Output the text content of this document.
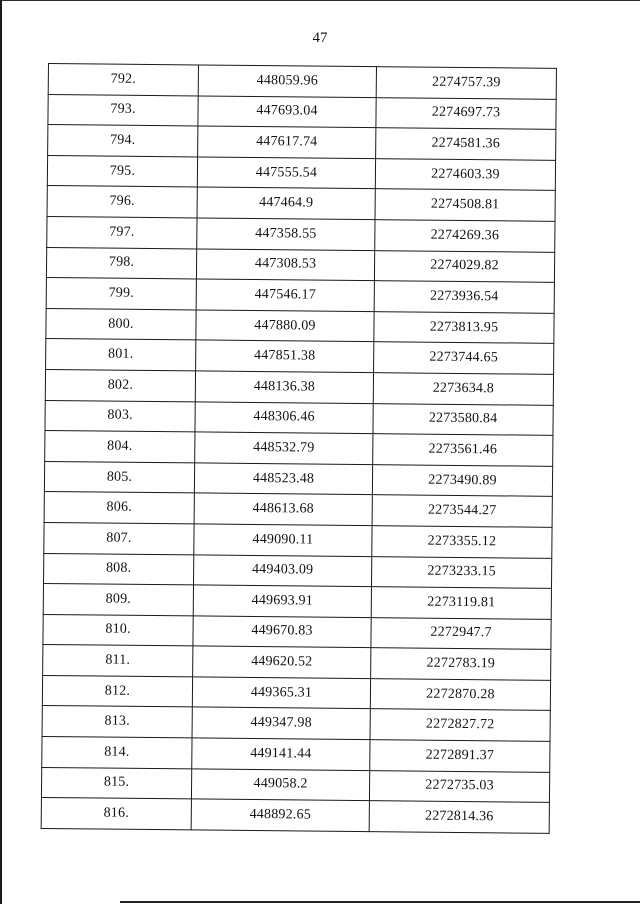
47
792.	448059.96	2274757.39
793.	447693.04	2274697.73
794.	447617.74	2274581.36
795.	447555.54	2274603.39
796.	447464.9	2274508.81
797.	447358.55	2274269.36
798.	447308.53	2274029.82
799.	447546.17	2273936.54
800.	447880.09	2273813.95
801.	447851.38	2273744.65
802.	448136.38	2273634.8
803.	448306.46	2273580.84
804.	448532.79	2273561.46
805.	448523.48	2273490.89
806.	448613.68	2273544.27
807.	449090.11	2273355.12
808.	449403.09	2273233.15
809.	449693.91	2273119.81
810.	449670.83	2272947.7
811.	449620.52	2272783.19
812.	449365.31	2272870.28
813.	449347.98	2272827.72
814.	449141.44	2272891.37
815.	449058.2	2272735.03
816.	448892.65	2272814.36
